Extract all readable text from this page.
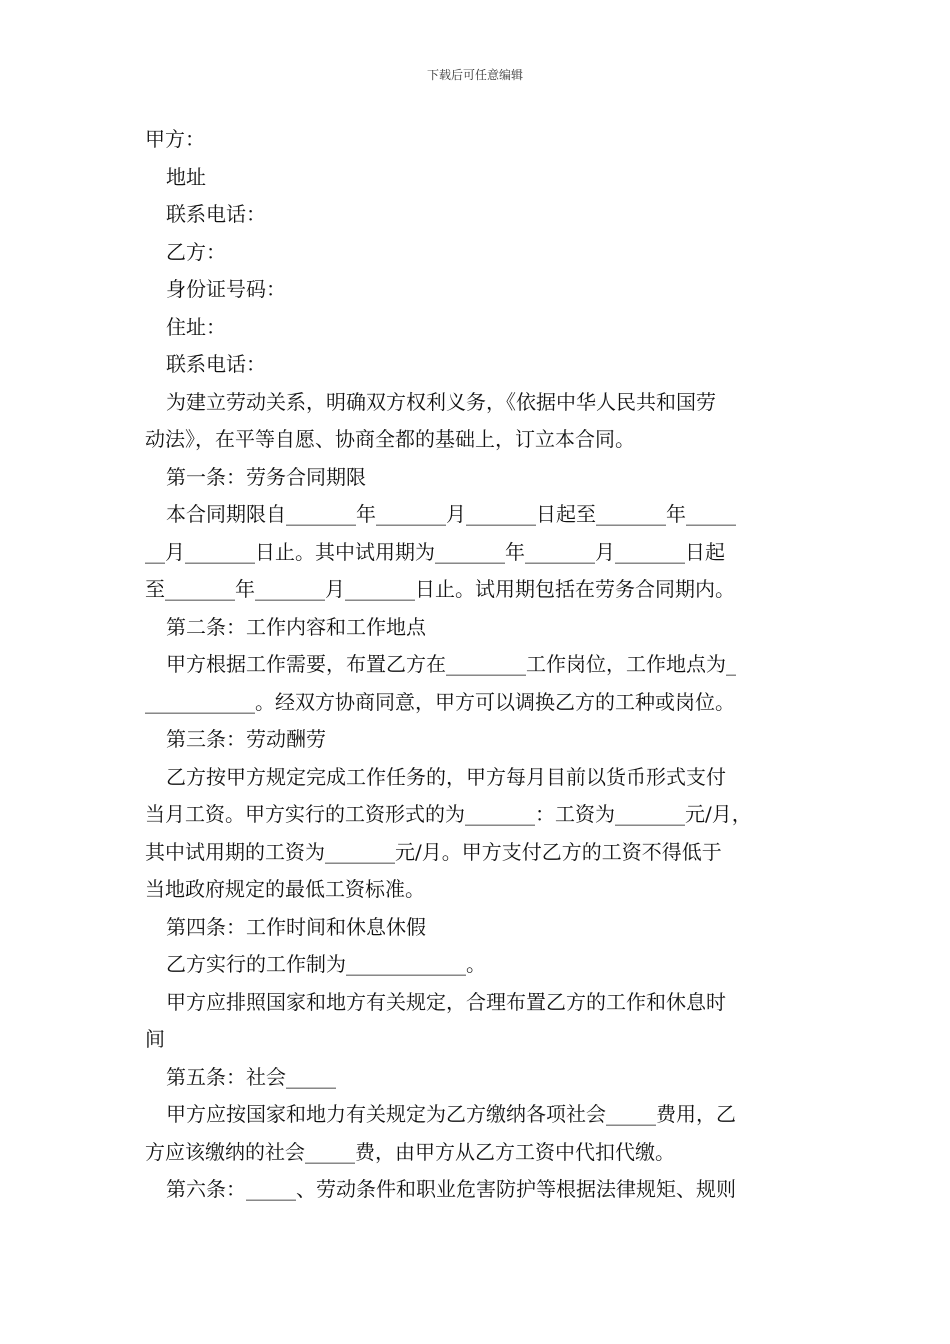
下载后可任意编辑

甲方：

地址

联系电话：

乙方：

身份证号码：

住址：

联系电话：

为建立劳动关系，明确双方权利义务，《依据中华人民共和国劳

动法》，在平等自愿、协商全都的基础上，订立本合同。

第一条：劳务合同期限

本合同期限自_______年_______月_______日起至_______年_____

__月_______日止。其中试用期为_______年_______月_______日起

至_______年_______月_______日止。试用期包括在劳务合同期内。

第二条：工作内容和工作地点

甲方根据工作需要，布置乙方在________工作岗位，工作地点为_

___________。经双方协商同意，甲方可以调换乙方的工种或岗位。

第三条：劳动酬劳

乙方按甲方规定完成工作任务的，甲方每月目前以货币形式支付

当月工资。甲方实行的工资形式的为_______：工资为_______元/月，

其中试用期的工资为_______元/月。甲方支付乙方的工资不得低于

当地政府规定的最低工资标准。

第四条：工作时间和休息休假

乙方实行的工作制为____________。

甲方应排照国家和地方有关规定，合理布置乙方的工作和休息时

间

第五条：社会_____

甲方应按国家和地力有关规定为乙方缴纳各项社会_____费用，乙

方应该缴纳的社会_____费，由甲方从乙方工资中代扣代缴。

第六条：_____、劳动条件和职业危害防护等根据法律规矩、规则
